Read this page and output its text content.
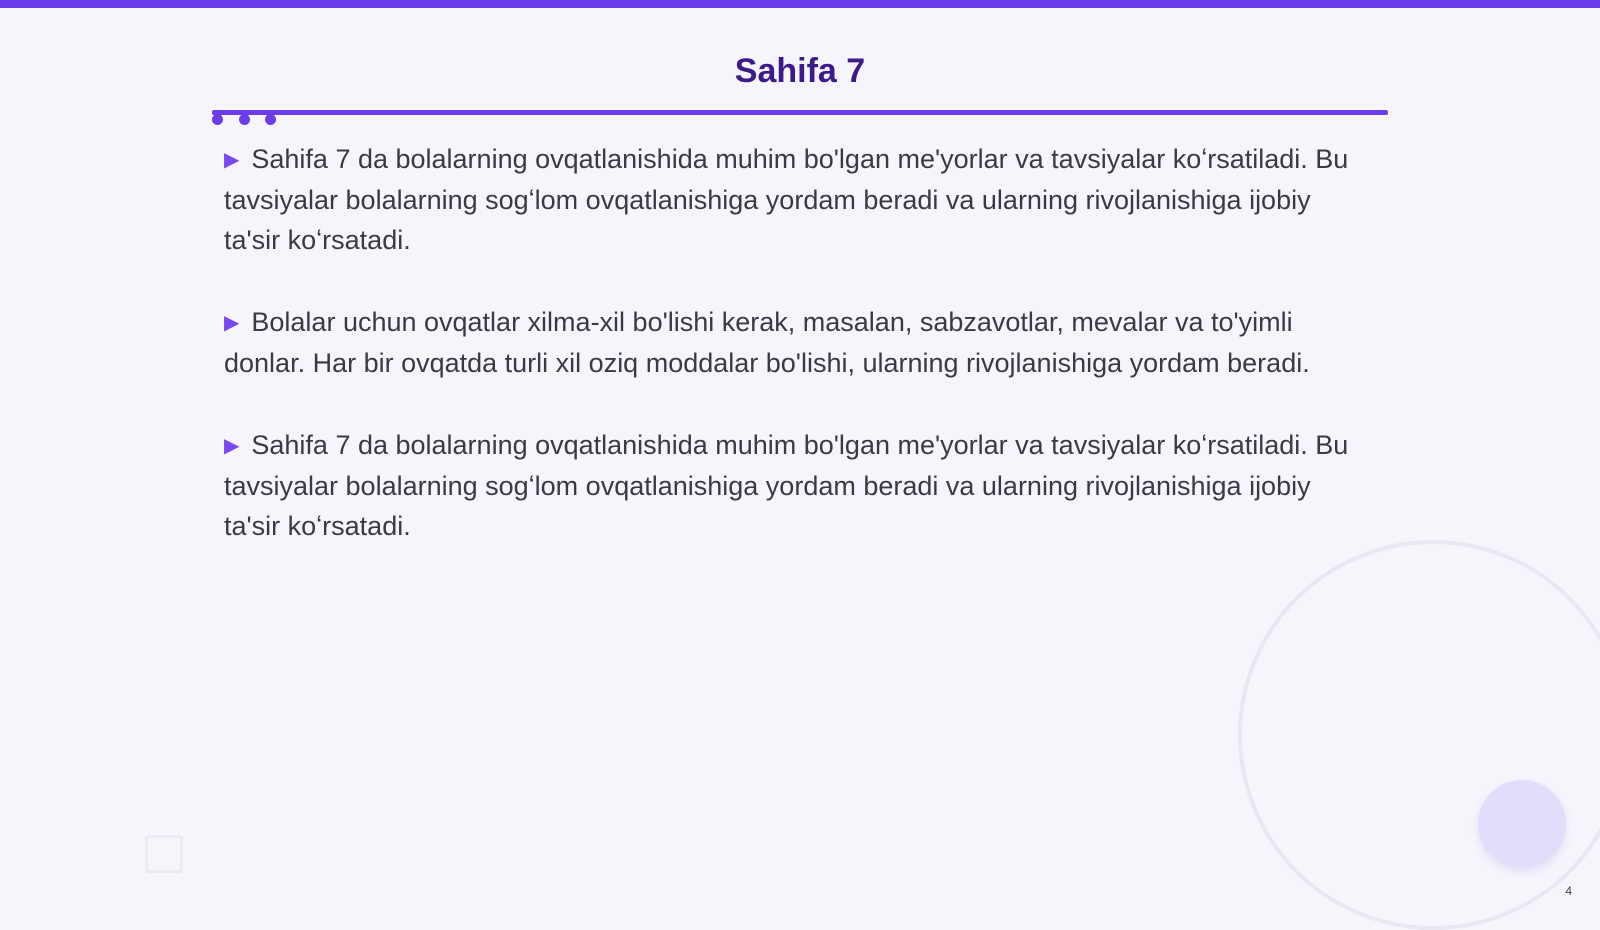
Sahifa 7

▶ Sahifa 7 da bolalarning ovqatlanishida muhim bo'lgan me'yorlar va tavsiyalar koʻrsatiladi. Bu tavsiyalar bolalarning sogʻlom ovqatlanishiga yordam beradi va ularning rivojlanishiga ijobiy ta'sir koʻrsatadi.

▶ Bolalar uchun ovqatlar xilma-xil bo'lishi kerak, masalan, sabzavotlar, mevalar va to'yimli donlar. Har bir ovqatda turli xil oziq moddalar bo'lishi, ularning rivojlanishiga yordam beradi.

▶ Sahifa 7 da bolalarning ovqatlanishida muhim bo'lgan me'yorlar va tavsiyalar koʻrsatiladi. Bu tavsiyalar bolalarning sogʻlom ovqatlanishiga yordam beradi va ularning rivojlanishiga ijobiy ta'sir koʻrsatadi.

4
